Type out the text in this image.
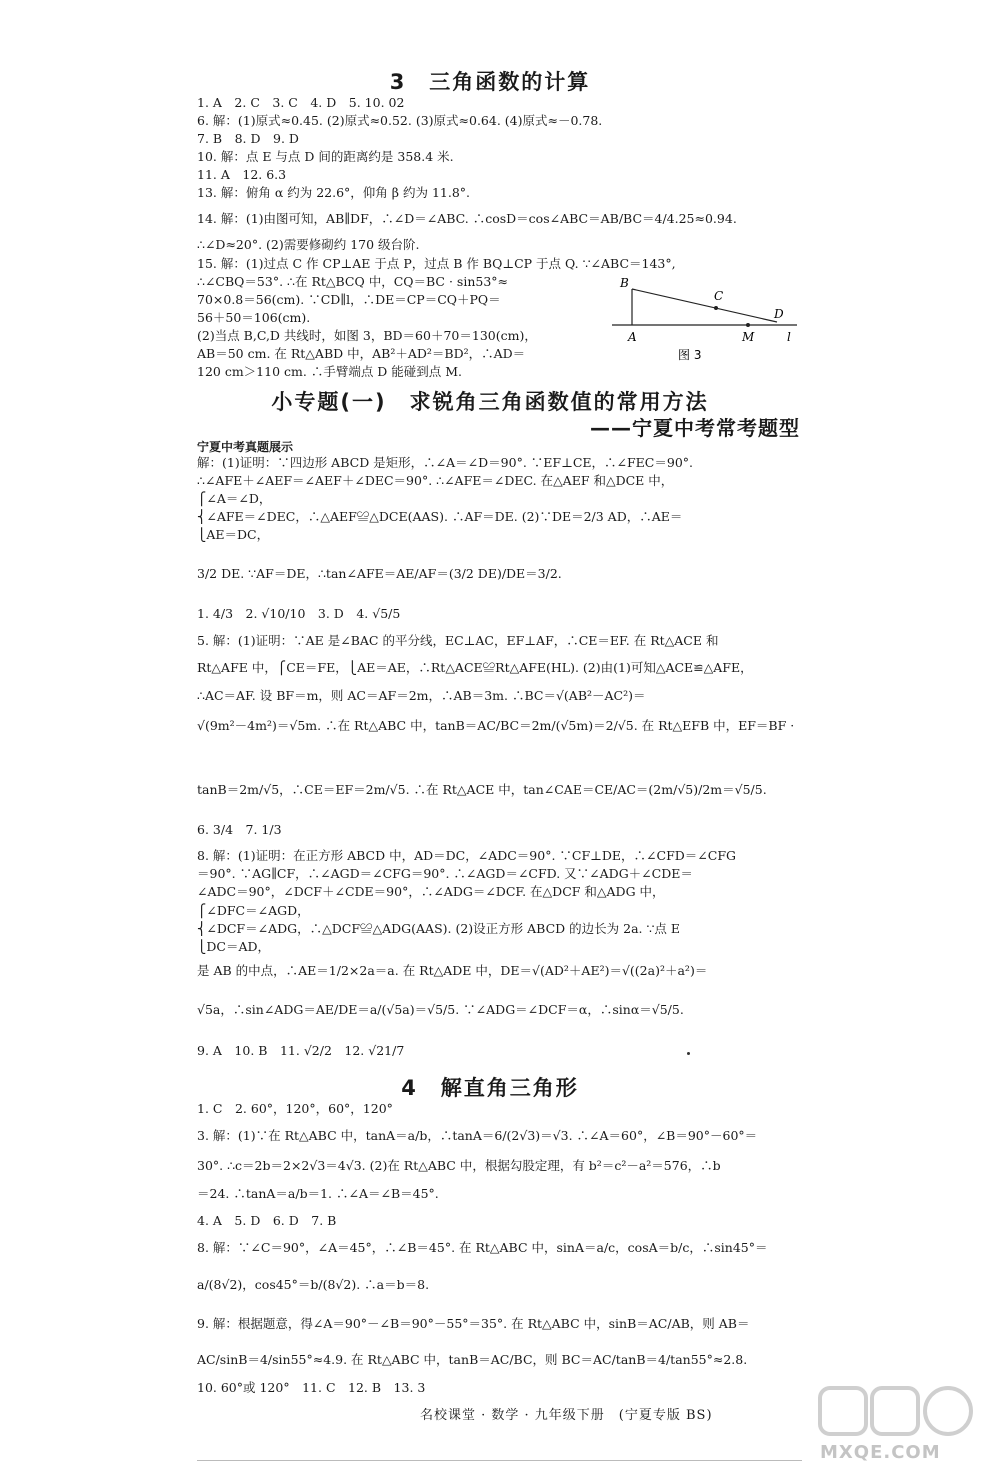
3　三角函数的计算
1. A　2. C　3. C　4. D　5. 10. 02
6. 解：(1)原式≈0.45. (2)原式≈0.52. (3)原式≈0.64. (4)原式≈－0.78.
7. B　8. D　9. D
10. 解：点 E 与点 D 间的距离约是 358.4 米.
11. A　12. 6.3
13. 解：俯角 α 约为 22.6°，仰角 β 约为 11.8°.
14. 解：(1)由图可知，AB∥DF，∴∠D＝∠ABC. ∴cosD＝cos∠ABC＝AB/BC＝4/4.25≈0.94.
∴∠D≈20°. (2)需要修砌约 170 级台阶.
15. 解：(1)过点 C 作 CP⊥AE 于点 P，过点 B 作 BQ⊥CP 于点 Q. ∵∠ABC＝143°,
∴∠CBQ＝53°. ∴在 Rt△BCQ 中，CQ＝BC · sin53°≈
70×0.8＝56(cm). ∵CD∥l，∴DE＝CP＝CQ＋PQ＝
56＋50＝106(cm).
(2)当点 B,C,D 共线时，如图 3，BD＝60＋70＝130(cm)，
AB＝50 cm. 在 Rt△ABD 中，AB²＋AD²＝BD²，∴AD＝
120 cm＞110 cm. ∴手臂端点 D 能碰到点 M.
B
C
D
A	M	l
图 3
小专题(一)　求锐角三角函数值的常用方法
——宁夏中考常考题型
宁夏中考真题展示
解：(1)证明：∵四边形 ABCD 是矩形，∴∠A＝∠D＝90°. ∵EF⊥CE，∴∠FEC＝90°.
∴∠AFE＋∠AEF＝∠AEF＋∠DEC＝90°. ∴∠AFE＝∠DEC. 在△AEF 和△DCE 中，
⎧∠A＝∠D，
⎨∠AFE＝∠DEC，∴△AEF≌△DCE(AAS). ∴AF＝DE. (2)∵DE＝2/3 AD，∴AE＝
⎩AE＝DC，
3/2 DE. ∵AF＝DE，∴tan∠AFE＝AE/AF＝(3/2 DE)/DE＝3/2.
1. 4/3　2. √10/10　3. D　4. √5/5
5. 解：(1)证明：∵AE 是∠BAC 的平分线，EC⊥AC，EF⊥AF，∴CE＝EF. 在 Rt△ACE 和
Rt△AFE 中，⎧CE＝FE，⎩AE＝AE，∴Rt△ACE≌Rt△AFE(HL). (2)由(1)可知△ACE≌△AFE，
∴AC＝AF. 设 BF＝m，则 AC＝AF＝2m，∴AB＝3m. ∴BC＝√(AB²－AC²)＝
√(9m²－4m²)＝√5m. ∴在 Rt△ABC 中，tanB＝AC/BC＝2m/(√5m)＝2/√5. 在 Rt△EFB 中，EF＝BF ·
tanB＝2m/√5，∴CE＝EF＝2m/√5. ∴在 Rt△ACE 中，tan∠CAE＝CE/AC＝(2m/√5)/2m＝√5/5.
6. 3/4　7. 1/3
8. 解：(1)证明：在正方形 ABCD 中，AD＝DC，∠ADC＝90°. ∵CF⊥DE，∴∠CFD＝∠CFG
＝90°. ∵AG∥CF，∴∠AGD＝∠CFG＝90°. ∴∠AGD＝∠CFD. 又∵∠ADG＋∠CDE＝
∠ADC＝90°，∠DCF＋∠CDE＝90°，∴∠ADG＝∠DCF. 在△DCF 和△ADG 中，
⎧∠DFC＝∠AGD，
⎨∠DCF＝∠ADG，∴△DCF≌△ADG(AAS). (2)设正方形 ABCD 的边长为 2a. ∵点 E
⎩DC＝AD，
是 AB 的中点，∴AE＝1/2×2a＝a. 在 Rt△ADE 中，DE＝√(AD²＋AE²)＝√((2a)²＋a²)＝
√5a，∴sin∠ADG＝AE/DE＝a/(√5a)＝√5/5. ∵∠ADG＝∠DCF＝α，∴sinα＝√5/5.
9. A　10. B　11. √2/2　12. √21/7
4　解直角三角形
1. C　2. 60°，120°，60°，120°
3. 解：(1)∵在 Rt△ABC 中，tanA＝a/b，∴tanA＝6/(2√3)＝√3. ∴∠A＝60°，∠B＝90°－60°＝
30°. ∴c＝2b＝2×2√3＝4√3. (2)在 Rt△ABC 中，根据勾股定理，有 b²＝c²－a²＝576，∴b
＝24. ∴tanA＝a/b＝1. ∴∠A＝∠B＝45°.
4. A　5. D　6. D　7. B
8. 解：∵∠C＝90°，∠A＝45°，∴∠B＝45°. 在 Rt△ABC 中，sinA＝a/c，cosA＝b/c，∴sin45°＝
a/(8√2)，cos45°＝b/(8√2). ∴a＝b＝8.
9. 解：根据题意，得∠A＝90°－∠B＝90°－55°＝35°. 在 Rt△ABC 中，sinB＝AC/AB，则 AB＝
AC/sinB＝4/sin55°≈4.9. 在 Rt△ABC 中，tanB＝AC/BC，则 BC＝AC/tanB＝4/tan55°≈2.8.
10. 60°或 120°　11. C　12. B　13. 3
名校课堂 · 数学 · 九年级下册　(宁夏专版 BS)
MXQE.COM
